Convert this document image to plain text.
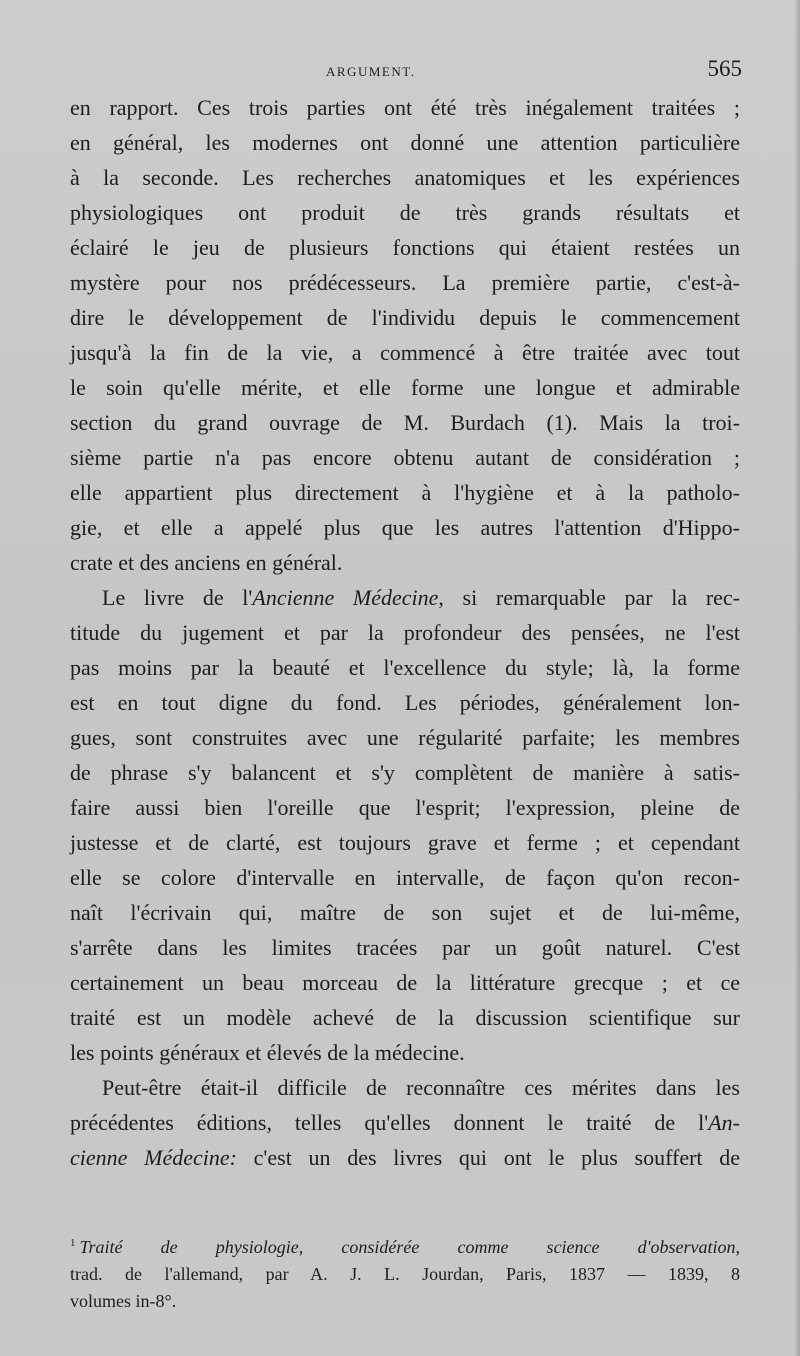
ARGUMENT.	565

en rapport. Ces trois parties ont été très inégalement traitées ;
en général, les modernes ont donné une attention particulière
à la seconde. Les recherches anatomiques et les expériences
physiologiques ont produit de très grands résultats et
éclairé le jeu de plusieurs fonctions qui étaient restées un
mystère pour nos prédécesseurs. La première partie, c'est-à-
dire le développement de l'individu depuis le commencement
jusqu'à la fin de la vie, a commencé à être traitée avec tout
le soin qu'elle mérite, et elle forme une longue et admirable
section du grand ouvrage de M. Burdach (1). Mais la troi-
sième partie n'a pas encore obtenu autant de considération ;
elle appartient plus directement à l'hygiène et à la patholo-
gie, et elle a appelé plus que les autres l'attention d'Hippo-
crate et des anciens en général.

Le livre de l'Ancienne Médecine, si remarquable par la rec-
titude du jugement et par la profondeur des pensées, ne l'est
pas moins par la beauté et l'excellence du style; là, la forme
est en tout digne du fond. Les périodes, généralement lon-
gues, sont construites avec une régularité parfaite; les membres
de phrase s'y balancent et s'y complètent de manière à satis-
faire aussi bien l'oreille que l'esprit; l'expression, pleine de
justesse et de clarté, est toujours grave et ferme ; et cependant
elle se colore d'intervalle en intervalle, de façon qu'on recon-
naît l'écrivain qui, maître de son sujet et de lui-même,
s'arrête dans les limites tracées par un goût naturel. C'est
certainement un beau morceau de la littérature grecque ; et ce
traité est un modèle achevé de la discussion scientifique sur
les points généraux et élevés de la médecine.

Peut-être était-il difficile de reconnaître ces mérites dans les
précédentes éditions, telles qu'elles donnent le traité de l'An-
cienne Médecine: c'est un des livres qui ont le plus souffert de

$^1$ Traité de physiologie, considérée comme science d'observation,
trad. de l'allemand, par A. J. L. Jourdan, Paris, 1837 — 1839, 8
volumes in-8°.
